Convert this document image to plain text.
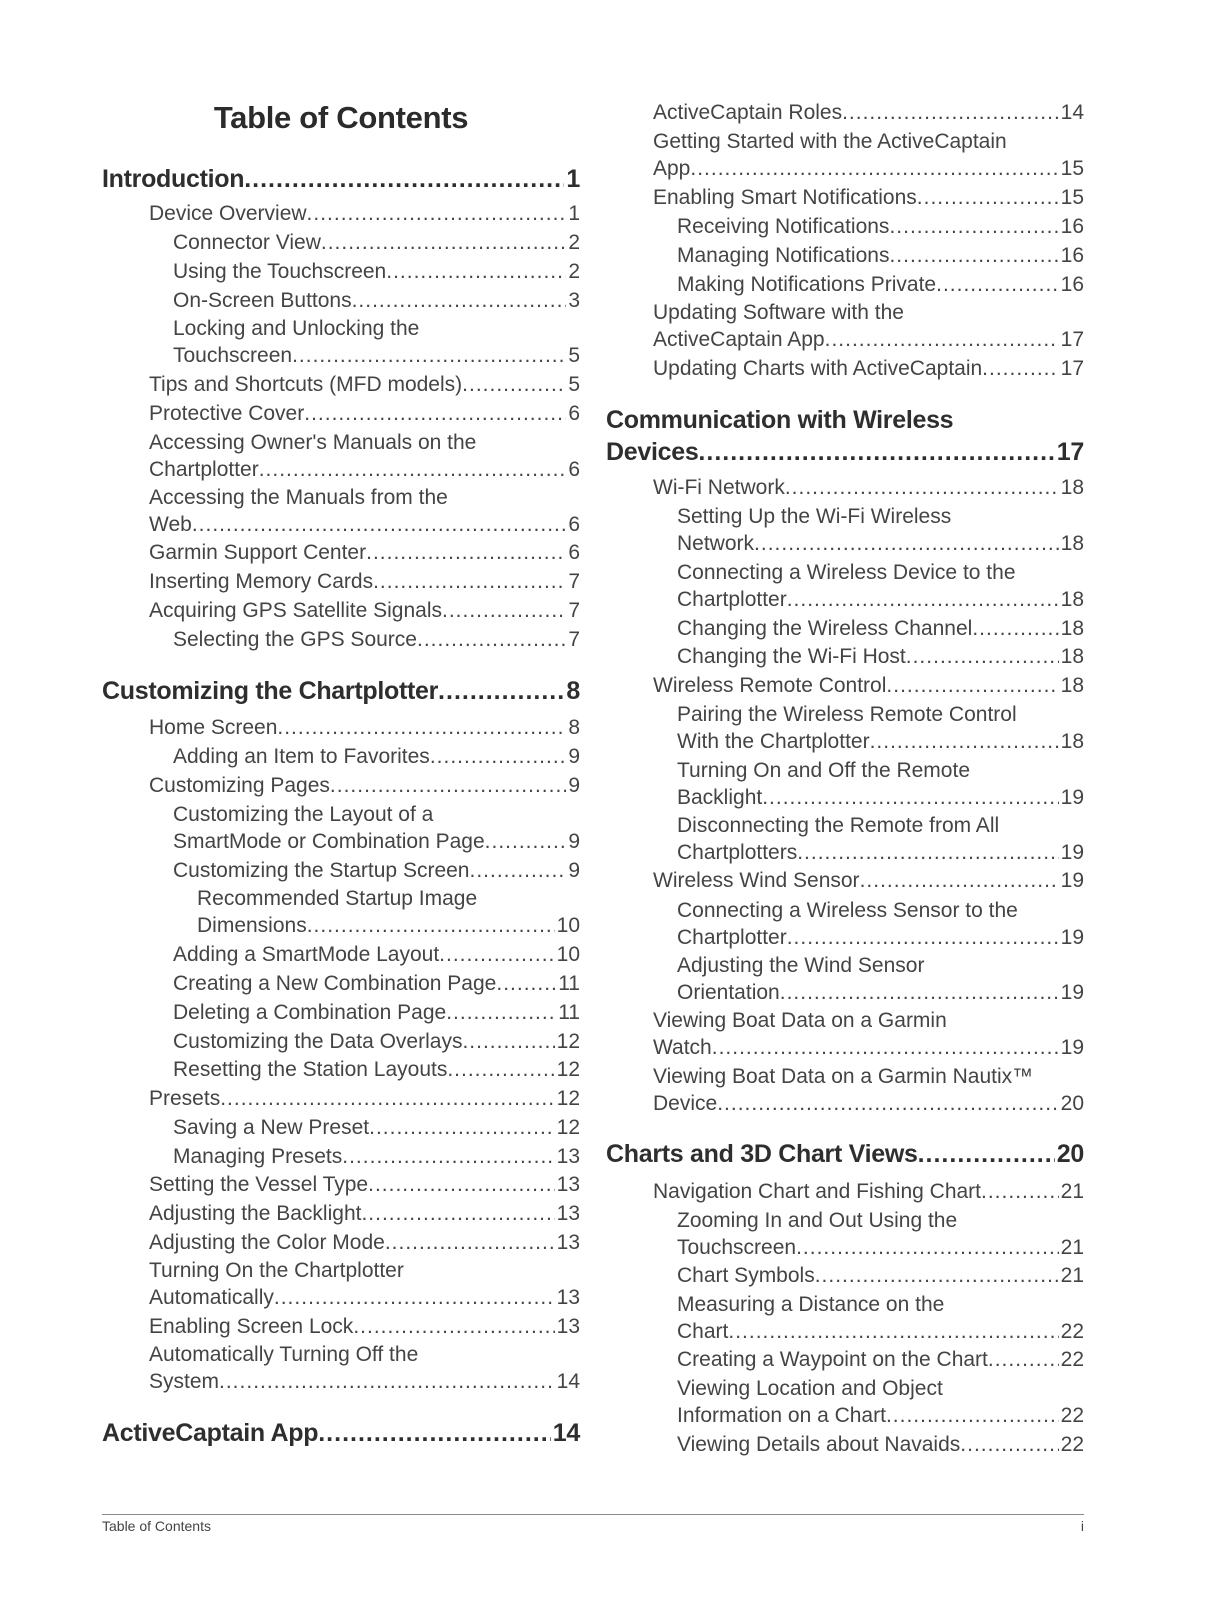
Table of Contents
Introduction .....	1
Device Overview .....	1
Connector View .....	2
Using the Touchscreen .....	2
On-Screen Buttons .....	3
Locking and Unlocking the
Touchscreen .....	5
Tips and Shortcuts (MFD models) .....	5
Protective Cover .....	6
Accessing Owner's Manuals on the
Chartplotter .....	6
Accessing the Manuals from the
Web .....	6
Garmin Support Center .....	6
Inserting Memory Cards .....	7
Acquiring GPS Satellite Signals .....	7
Selecting the GPS Source .....	7
Customizing the Chartplotter .....	8
Home Screen .....	8
Adding an Item to Favorites .....	9
Customizing Pages .....	9
Customizing the Layout of a
SmartMode or Combination Page .....	9
Customizing the Startup Screen .....	9
Recommended Startup Image
Dimensions .....	10
Adding a SmartMode Layout .....	10
Creating a New Combination Page .....	11
Deleting a Combination Page .....	11
Customizing the Data Overlays .....	12
Resetting the Station Layouts .....	12
Presets .....	12
Saving a New Preset .....	12
Managing Presets .....	13
Setting the Vessel Type .....	13
Adjusting the Backlight .....	13
Adjusting the Color Mode .....	13
Turning On the Chartplotter
Automatically .....	13
Enabling Screen Lock .....	13
Automatically Turning Off the
System .....	14
ActiveCaptain App .....	14
ActiveCaptain Roles .....	14
Getting Started with the ActiveCaptain
App .....	15
Enabling Smart Notifications .....	15
Receiving Notifications .....	16
Managing Notifications .....	16
Making Notifications Private .....	16
Updating Software with the
ActiveCaptain App .....	17
Updating Charts with ActiveCaptain .....	17
Communication with Wireless
Devices .....	17
Wi-Fi Network .....	18
Setting Up the Wi-Fi Wireless
Network .....	18
Connecting a Wireless Device to the
Chartplotter .....	18
Changing the Wireless Channel .....	18
Changing the Wi-Fi Host .....	18
Wireless Remote Control .....	18
Pairing the Wireless Remote Control
With the Chartplotter .....	18
Turning On and Off the Remote
Backlight .....	19
Disconnecting the Remote from All
Chartplotters .....	19
Wireless Wind Sensor .....	19
Connecting a Wireless Sensor to the
Chartplotter .....	19
Adjusting the Wind Sensor
Orientation .....	19
Viewing Boat Data on a Garmin
Watch .....	19
Viewing Boat Data on a Garmin Nautix™
Device .....	20
Charts and 3D Chart Views .....	20
Navigation Chart and Fishing Chart .....	21
Zooming In and Out Using the
Touchscreen .....	21
Chart Symbols .....	21
Measuring a Distance on the
Chart .....	22
Creating a Waypoint on the Chart .....	22
Viewing Location and Object
Information on a Chart .....	22
Viewing Details about Navaids .....	22
Table of Contents	i
